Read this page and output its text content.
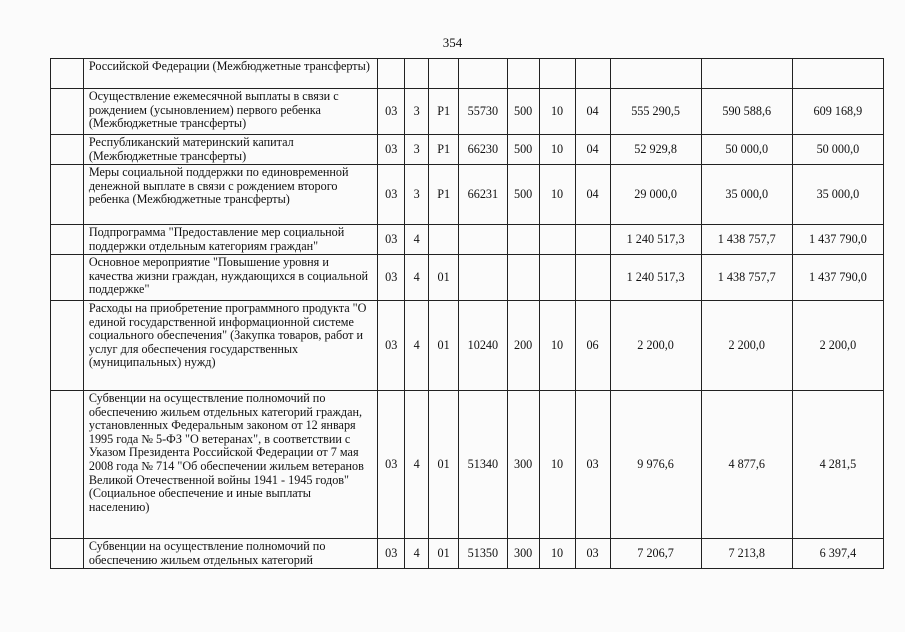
354
	Российской Федерации (Межбюджетные трансферты)										
	Осуществление ежемесячной выплаты в связи с рождением (усыновлением) первого ребенка (Межбюджетные трансферты)	03	3	P1	55730	500	10	04	555 290,5	590 588,6	609 168,9
	Республиканский материнский капитал (Межбюджетные трансферты)	03	3	P1	66230	500	10	04	52 929,8	50 000,0	50 000,0
	Меры социальной поддержки по единовременной денежной выплате в связи с рождением второго ребенка (Межбюджетные трансферты)	03	3	P1	66231	500	10	04	29 000,0	35 000,0	35 000,0
	Подпрограмма "Предоставление мер социальной поддержки отдельным категориям граждан"	03	4						1 240 517,3	1 438 757,7	1 437 790,0
	Основное мероприятие "Повышение уровня и качества жизни граждан, нуждающихся в социальной поддержке"	03	4	01					1 240 517,3	1 438 757,7	1 437 790,0
	Расходы на приобретение программного продукта "О единой государственной информационной системе социального обеспечения" (Закупка товаров, работ и услуг для обеспечения государственных (муниципальных) нужд)	03	4	01	10240	200	10	06	2 200,0	2 200,0	2 200,0
	Субвенции на осуществление полномочий по обеспечению жильем отдельных категорий граждан, установленных Федеральным законом от 12 января 1995 года № 5-ФЗ "О ветеранах", в соответствии с Указом Президента Российской Федерации от 7 мая 2008 года № 714 "Об обеспечении жильем ветеранов Великой Отечественной войны 1941 - 1945 годов" (Социальное обеспечение и иные выплаты населению)	03	4	01	51340	300	10	03	9 976,6	4 877,6	4 281,5
	Субвенции на осуществление полномочий по обеспечению жильем отдельных категорий	03	4	01	51350	300	10	03	7 206,7	7 213,8	6 397,4
